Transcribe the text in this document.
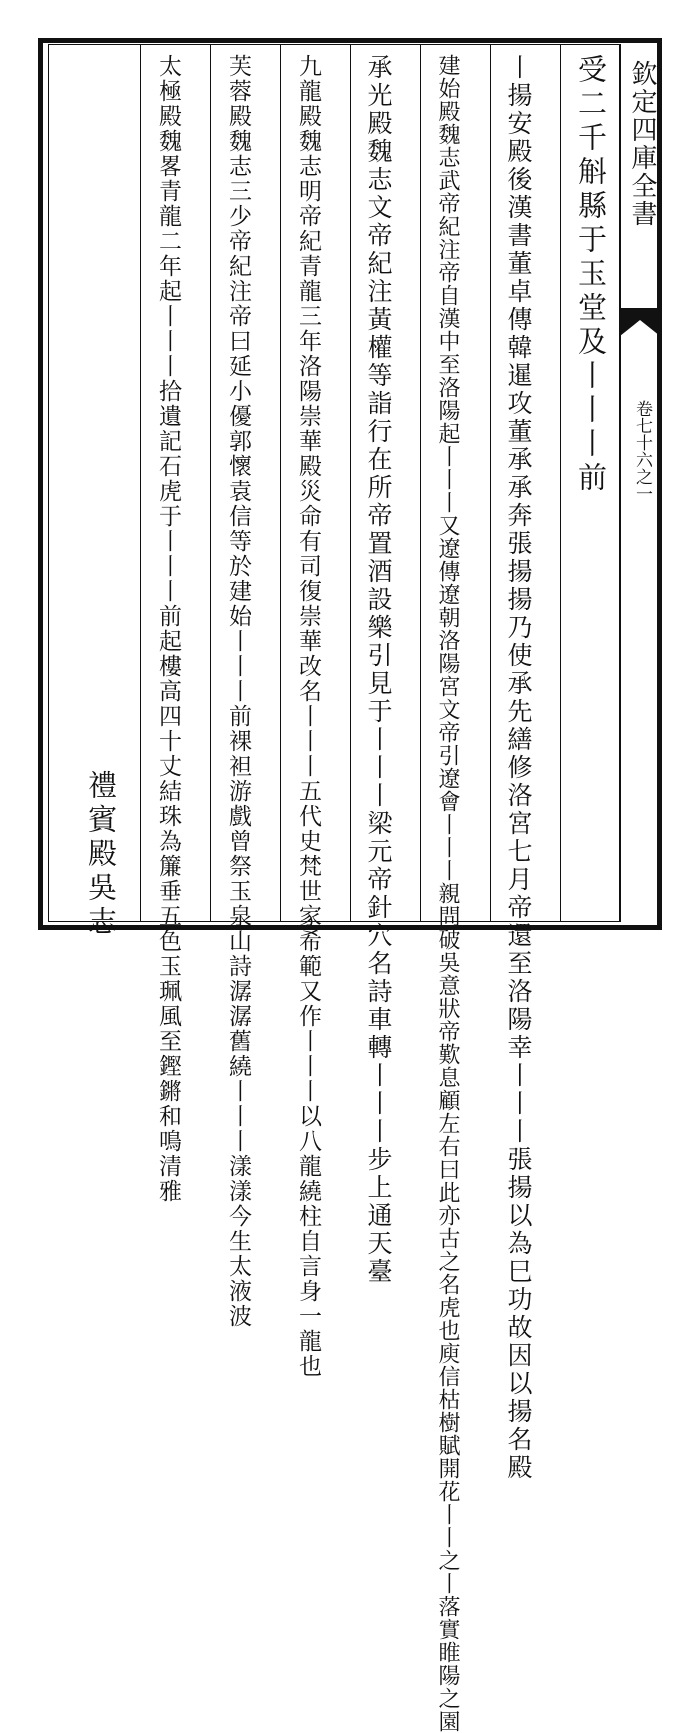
欽定四庫全書
卷七十六之一
受二千斛縣于玉堂及丨丨丨前
丨揚安殿後漢書董卓傳韓暹攻董承承奔張揚揚乃使承先繕修洛宮七月帝還至洛陽幸丨丨丨張揚以為巳功故因以揚名殿
建始殿魏志武帝紀注帝自漢中至洛陽起丨丨丨又遼傳遼朝洛陽宮文帝引遼會丨丨丨親問破吳意狀帝歎息顧左右曰此亦古之名虎也庾信枯樹賦開花丨丨之丨落實睢陽之園
承光殿魏志文帝紀注黃權等詣行在所帝置酒設樂引見于丨丨丨梁元帝針穴名詩車轉丨丨丨步上通天臺
九龍殿魏志明帝紀青龍三年洛陽崇華殿災命有司復崇華改名丨丨丨五代史梵世家希範又作丨丨丨以八龍繞柱自言身一龍也
芙蓉殿魏志三少帝紀注帝曰延小優郭懷袁信等於建始丨丨丨前裸袒游戲曾祭玉泉山詩潺潺舊繞丨丨丨漾漾今生太液波
太極殿魏畧青龍二年起丨丨丨拾遺記石虎于丨丨丨前起樓高四十丈結珠為簾垂五色玉珮風至鏗鏘和鳴清雅
禮賓殿吳志
